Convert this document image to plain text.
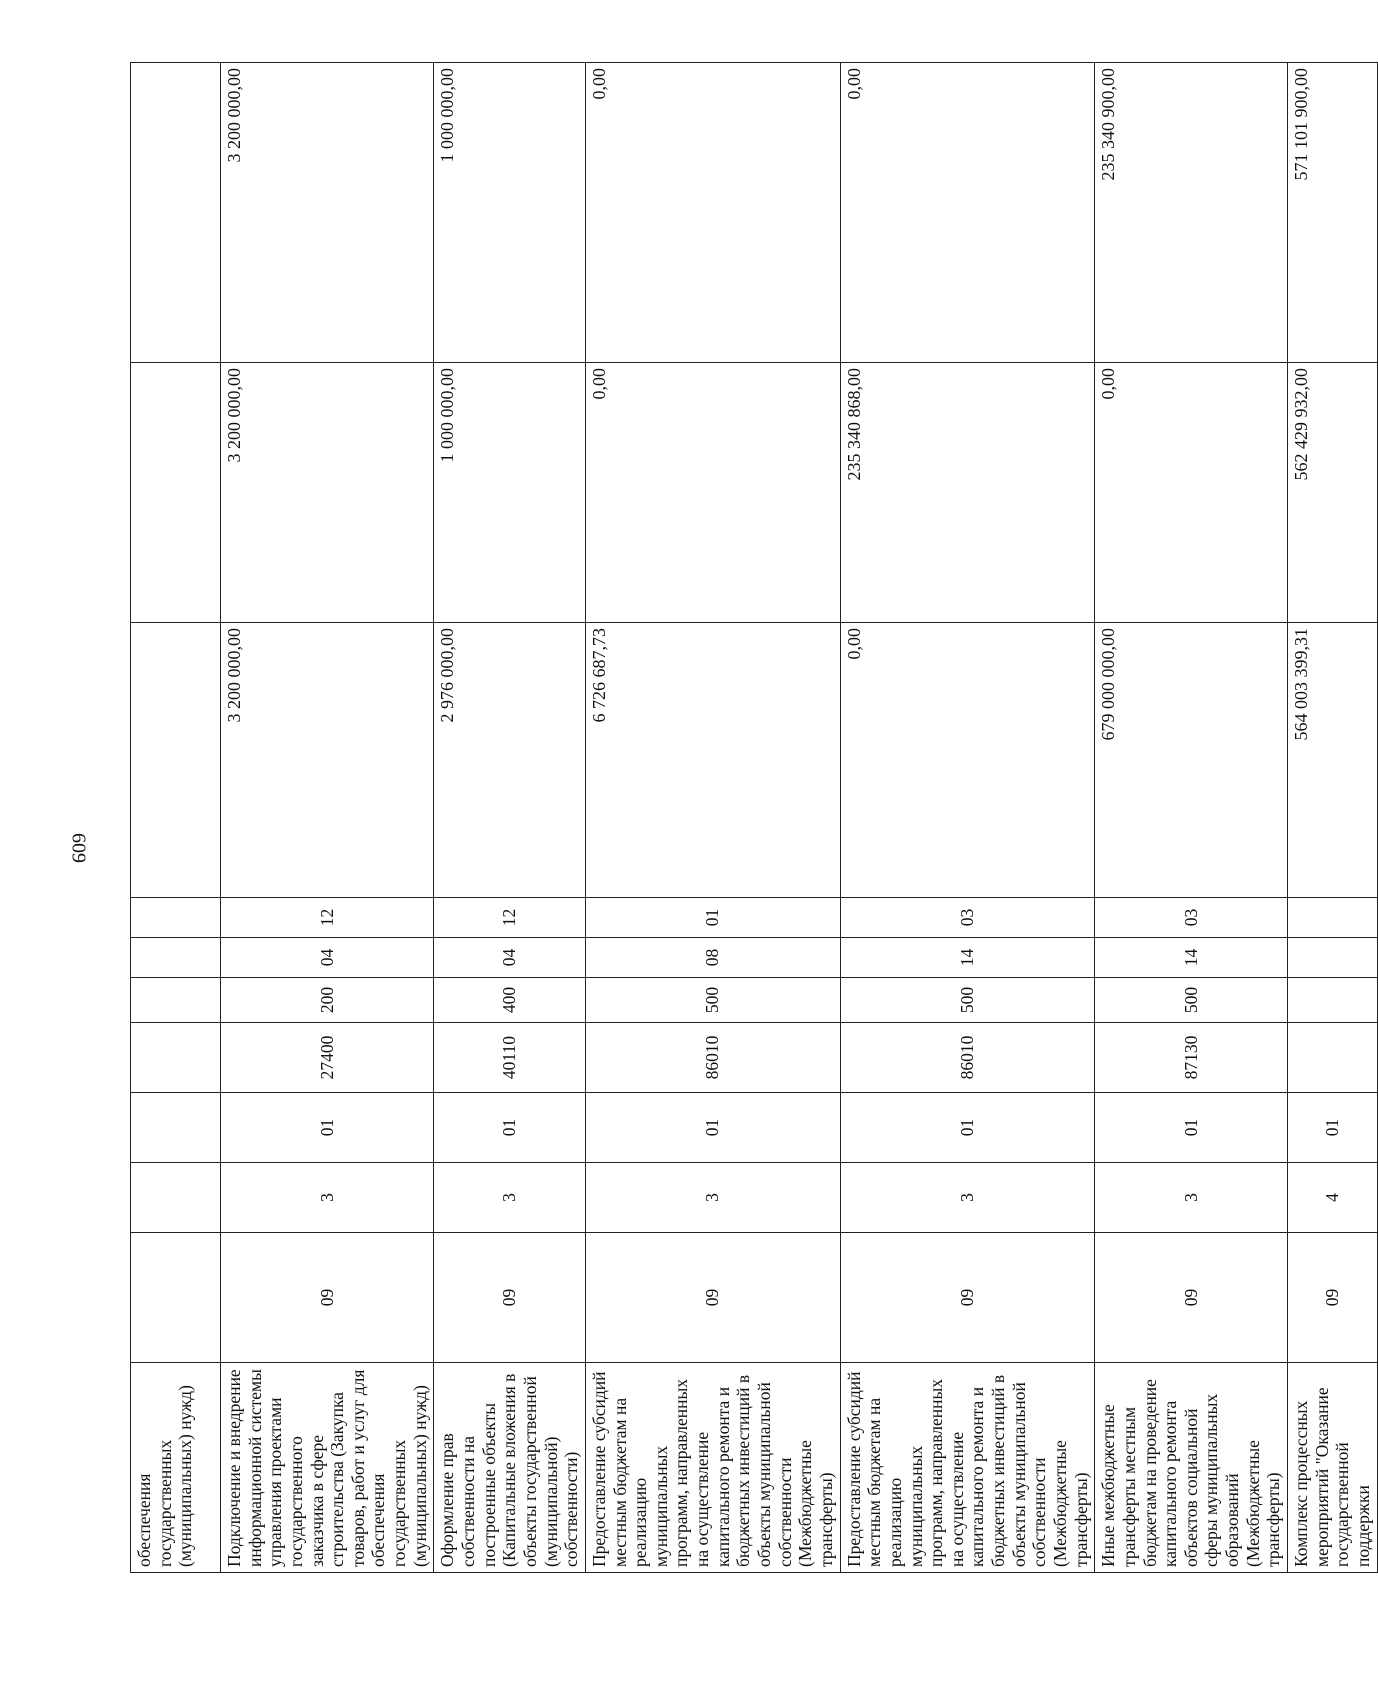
609
обеспечения государственных (муниципальных) нужд)										
Подключение и внедрение информационной системы управления проектами государственного заказчика в сфере строительства (Закупка товаров, работ и услуг для обеспечения государственных (муниципальных) нужд)	09	3	01	27400	200	04	12	3 200 000,00	3 200 000,00	3 200 000,00
Оформление прав собственности на построенные объекты (Капитальные вложения в объекты государственной (муниципальной) собственности)	09	3	01	40110	400	04	12	2 976 000,00	1 000 000,00	1 000 000,00
Предоставление субсидий местным бюджетам на реализацию муниципальных программ, направленных на осуществление капитального ремонта и бюджетных инвестиций в объекты муниципальной собственности (Межбюджетные трансферты)	09	3	01	86010	500	08	01	6 726 687,73	0,00	0,00
Предоставление субсидий местным бюджетам на реализацию муниципальных программ, направленных на осуществление капитального ремонта и бюджетных инвестиций в объекты муниципальной собственности (Межбюджетные трансферты)	09	3	01	86010	500	14	03	0,00	235 340 868,00	0,00
Иные межбюджетные трансферты местным бюджетам на проведение капитального ремонта объектов социальной сферы муниципальных образований (Межбюджетные трансферты)	09	3	01	87130	500	14	03	679 000 000,00	0,00	235 340 900,00
Комплекс процессных мероприятий "Оказание государственной поддержки	09	4	01					564 003 399,31	562 429 932,00	571 101 900,00
